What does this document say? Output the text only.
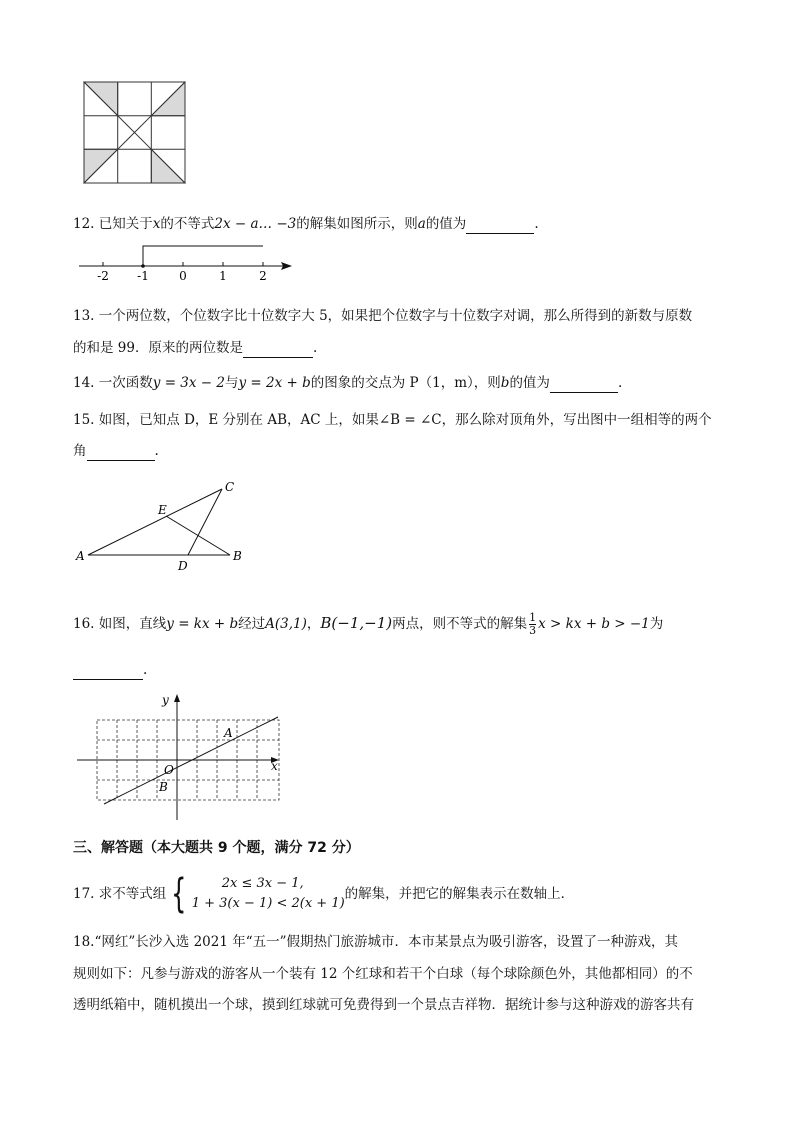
12. 已知关于x的不等式2x − a… −3的解集如图所示，则a的值为	.
-2 -1	0	1	2
13. 一个两位数，个位数字比十位数字大 5，如果把个位数字与十位数字对调，那么所得到的新数与原数
的和是 99．原来的两位数是	.
14. 一次函数y = 3x − 2与y = 2x + b的图象的交点为 P（1，m），则b的值为	.
15. 如图，已知点 D，E 分别在 AB，AC 上，如果∠B = ∠C，那么除对顶角外，写出图中一组相等的两个
角	.
A	B
C
D
E
16. 如图，直线y = kx + b经过A(3,1)，B(−1,−1)两点，则不等式的解集 $\frac{1}{3}$ x > kx + b > −1为
.
y
x
O
A
B
三、解答题（本大题共 9 个题，满分 72 分）
17. 求不等式组 {	2x ≤ 3x − 1,
1 + 3(x − 1) < 2(x + 1)
的解集，并把它的解集表示在数轴上．
18.“网红”长沙入选 2021 年“五一”假期热门旅游城市．本市某景点为吸引游客，设置了一种游戏，其
规则如下：凡参与游戏的游客从一个装有 12 个红球和若干个白球（每个球除颜色外，其他都相同）的不
透明纸箱中，随机摸出一个球，摸到红球就可免费得到一个景点吉祥物．据统计参与这种游戏的游客共有
